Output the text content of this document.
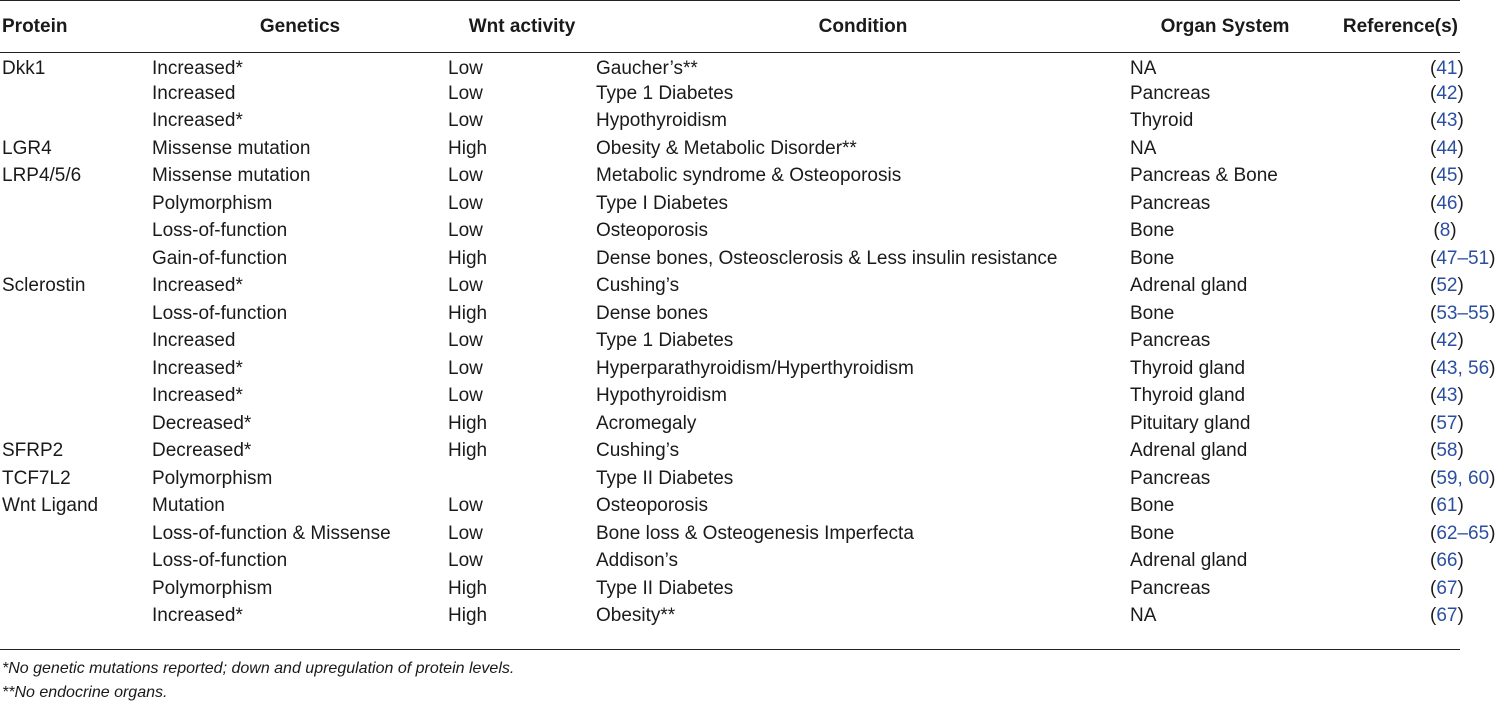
Protein	Genetics	Wnt activity	Condition	Organ System	Reference(s)
Dkk1	Increased*	Low	Gaucher’s**	NA	(41)
	Increased	Low	Type 1 Diabetes	Pancreas	(42)
	Increased*	Low	Hypothyroidism	Thyroid	(43)
LGR4	Missense mutation	High	Obesity & Metabolic Disorder**	NA	(44)
LRP4/5/6	Missense mutation	Low	Metabolic syndrome & Osteoporosis	Pancreas & Bone	(45)
	Polymorphism	Low	Type I Diabetes	Pancreas	(46)
	Loss-of-function	Low	Osteoporosis	Bone	(8)
	Gain-of-function	High	Dense bones, Osteosclerosis & Less insulin resistance	Bone	(47–51)
Sclerostin	Increased*	Low	Cushing’s	Adrenal gland	(52)
	Loss-of-function	High	Dense bones	Bone	(53–55)
	Increased	Low	Type 1 Diabetes	Pancreas	(42)
	Increased*	Low	Hyperparathyroidism/Hyperthyroidism	Thyroid gland	(43, 56)
	Increased*	Low	Hypothyroidism	Thyroid gland	(43)
	Decreased*	High	Acromegaly	Pituitary gland	(57)
SFRP2	Decreased*	High	Cushing’s	Adrenal gland	(58)
TCF7L2	Polymorphism		Type II Diabetes	Pancreas	(59, 60)
Wnt Ligand	Mutation	Low	Osteoporosis	Bone	(61)
	Loss-of-function & Missense	Low	Bone loss & Osteogenesis Imperfecta	Bone	(62–65)
	Loss-of-function	Low	Addison’s	Adrenal gland	(66)
	Polymorphism	High	Type II Diabetes	Pancreas	(67)
	Increased*	High	Obesity**	NA	(67)
*No genetic mutations reported; down and upregulation of protein levels.
**No endocrine organs.
